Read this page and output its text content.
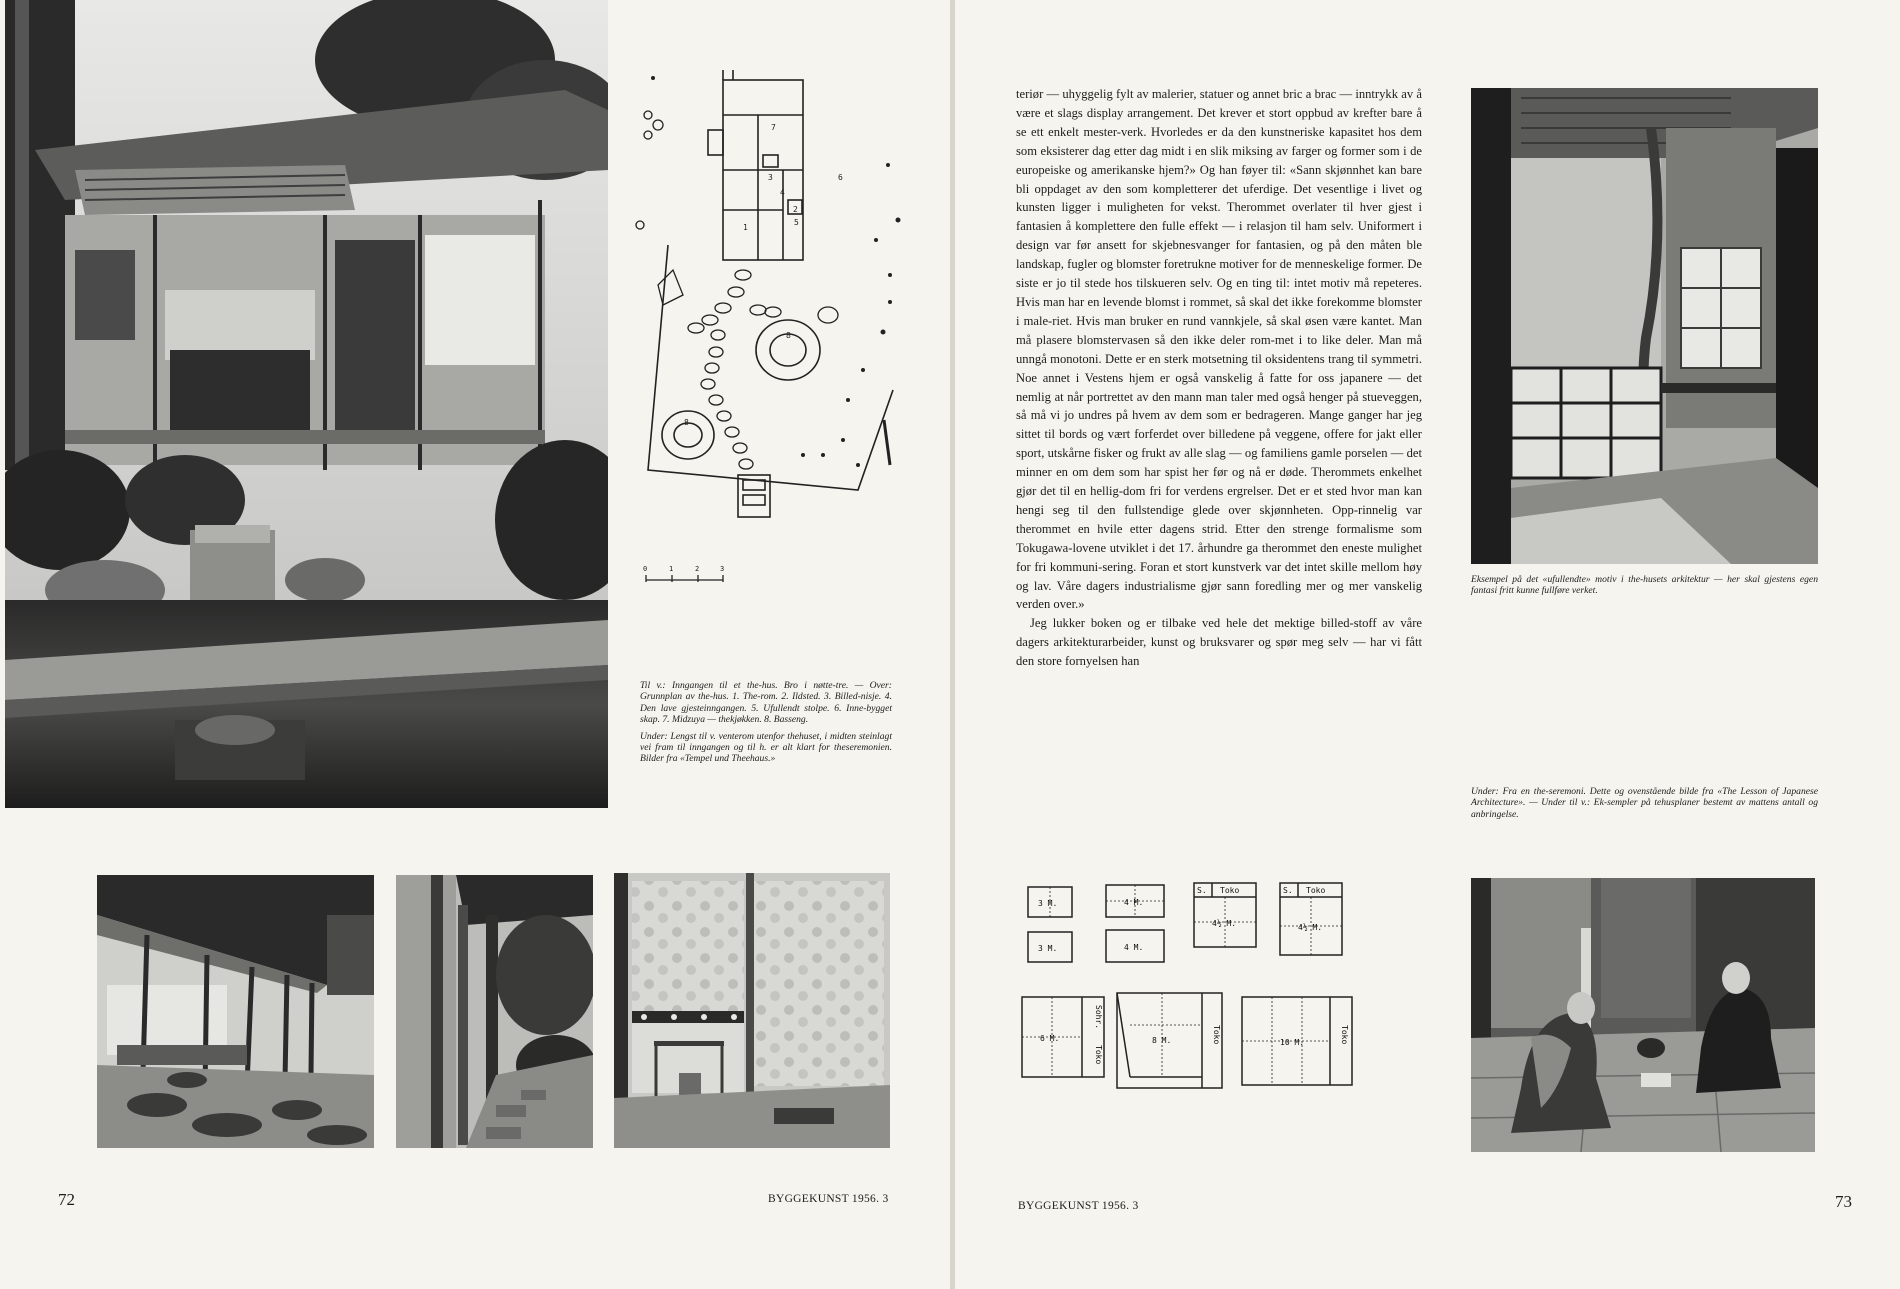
7
3
4
2
6
1
5
8
8
0	1	2	3

Til v.: Inngangen til et the-hus. Bro i nøtte-tre. — Over: Grunnplan av the-hus. 1. The-rom. 2. Ildsted. 3. Billed-nisje. 4. Den lave gjesteinngangen. 5. Ufullendt stolpe. 6. Inne-bygget skap. 7. Midzuya — thekjøkken. 8. Basseng.

Under: Lengst til v. venterom utenfor thehuset, i midten steinlagt vei fram til inngangen og til h. er alt klart for theseremonien. Bilder fra «Tempel und Theehaus.»

72	BYGGEKUNST 1956. 3

teriør — uhyggelig fylt av malerier, statuer og annet bric a brac — inntrykk av å være et slags display arrangement. Det krever et stort oppbud av krefter bare å se ett enkelt mester-verk. Hvorledes er da den kunstneriske kapasitet hos dem som eksisterer dag etter dag midt i en slik miksing av farger og former som i de europeiske og amerikanske hjem?» Og han føyer til: «Sann skjønnhet kan bare bli oppdaget av den som kompletterer det uferdige. Det vesentlige i livet og kunsten ligger i muligheten for vekst. Therommet overlater til hver gjest i fantasien å komplettere den fulle effekt — i relasjon til ham selv. Uniformert i design var før ansett for skjebnesvanger for fantasien, og på den måten ble landskap, fugler og blomster foretrukne motiver for de menneskelige former. De siste er jo til stede hos tilskueren selv. Og en ting til: intet motiv må repeteres. Hvis man har en levende blomst i rommet, så skal det ikke forekomme blomster i male-riet. Hvis man bruker en rund vannkjele, så skal øsen være kantet. Man må plasere blomstervasen så den ikke deler rom-met i to like deler. Man må unngå monotoni. Dette er en sterk motsetning til oksidentens trang til symmetri. Noe annet i Vestens hjem er også vanskelig å fatte for oss japanere — det nemlig at når portrettet av den mann man taler med også henger på stueveggen, så må vi jo undres på hvem av dem som er bedrageren. Mange ganger har jeg sittet til bords og vært forferdet over billedene på veggene, offere for jakt eller sport, utskårne fisker og frukt av alle slag — og familiens gamle porselen — det minner en om dem som har spist her før og nå er døde. Therommets enkelhet gjør det til en hellig-dom fri for verdens ergrelser. Det er et sted hvor man kan hengi seg til den fullstendige glede over skjønnheten. Opp-rinnelig var therommet en hvile etter dagens strid. Etter den strenge formalisme som Tokugawa-lovene utviklet i det 17. århundre ga therommet den eneste mulighet for fri kommuni-sering. Foran et stort kunstverk var det intet skille mellom høy og lav. Våre dagers industrialisme gjør sann foredling mer og mer vanskelig verden over.»

Jeg lukker boken og er tilbake ved hele det mektige billed-stoff av våre dagers arkitekturarbeider, kunst og bruksvarer og spør meg selv — har vi fått den store fornyelsen han

Eksempel på det «ufullendte» motiv i the-husets arkitektur — her skal gjestens egen fantasi fritt kunne fullføre verket.

Under: Fra en the-seremoni. Dette og ovenstående bilde fra «The Lesson of Japanese Architecture». — Under til v.: Ek-sempler på tehusplaner bestemt av mattens antall og anbringelse.

3 M.
3 M.
4 M.
4 M.
S. Toko
4½ M.
S. Toko
4½ M.
6 M.	8 M.	10 M.
Sohr.
Toko
Toko	Toko
BYGGEKUNST 1956. 3	73
